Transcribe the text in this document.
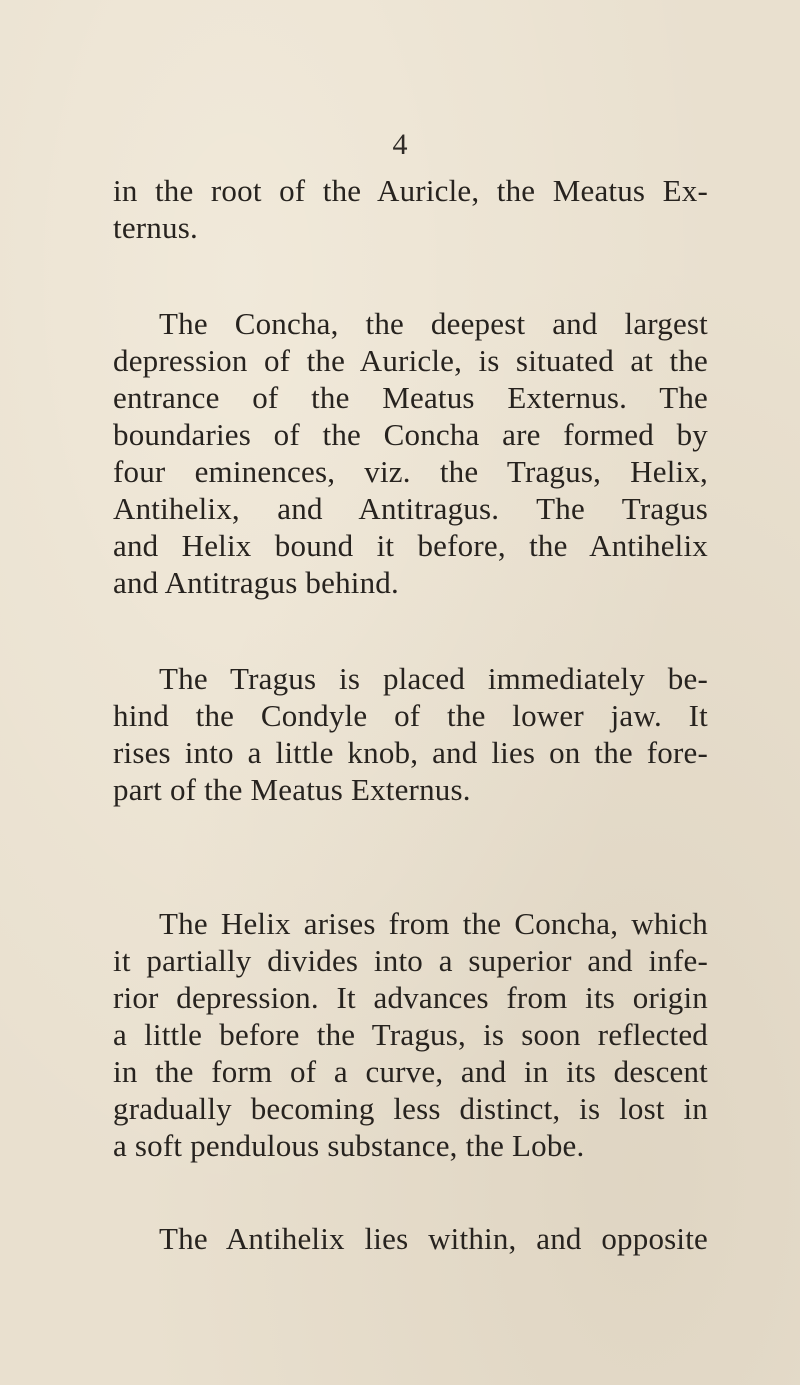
4
in the root of the Auricle, the Meatus Ex-
ternus.
The Concha, the deepest and largest
depression of the Auricle, is situated at the
entrance of the Meatus Externus. The
boundaries of the Concha are formed by
four eminences, viz. the Tragus, Helix,
Antihelix, and Antitragus. The Tragus
and Helix bound it before, the Antihelix
and Antitragus behind.
The Tragus is placed immediately be-
hind the Condyle of the lower jaw. It
rises into a little knob, and lies on the fore-
part of the Meatus Externus.
The Helix arises from the Concha, which
it partially divides into a superior and infe-
rior depression. It advances from its origin
a little before the Tragus, is soon reflected
in the form of a curve, and in its descent
gradually becoming less distinct, is lost in
a soft pendulous substance, the Lobe.
The Antihelix lies within, and opposite
